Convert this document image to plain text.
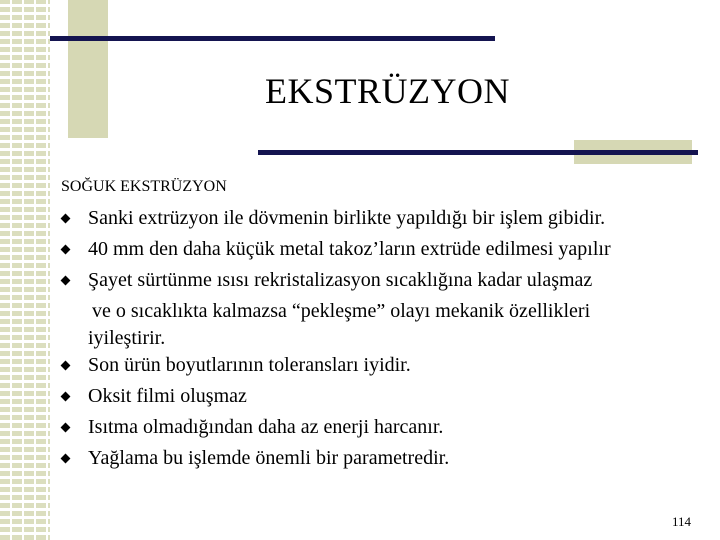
EKSTRÜZYON
SOĞUK EKSTRÜZYON
Sanki extrüzyon ile dövmenin birlikte yapıldığı bir işlem gibidir.
40 mm den daha küçük metal takoz’ların extrüde edilmesi yapılır
Şayet sürtünme ısısı rekristalizasyon sıcaklığına kadar ulaşmaz
ve o sıcaklıkta kalmazsa “pekleşme” olayı mekanik özellikleri
iyileştirir.
Son ürün boyutlarının toleransları iyidir.
Oksit filmi oluşmaz
Isıtma olmadığından daha az enerji harcanır.
Yağlama bu işlemde önemli bir parametredir.
114
